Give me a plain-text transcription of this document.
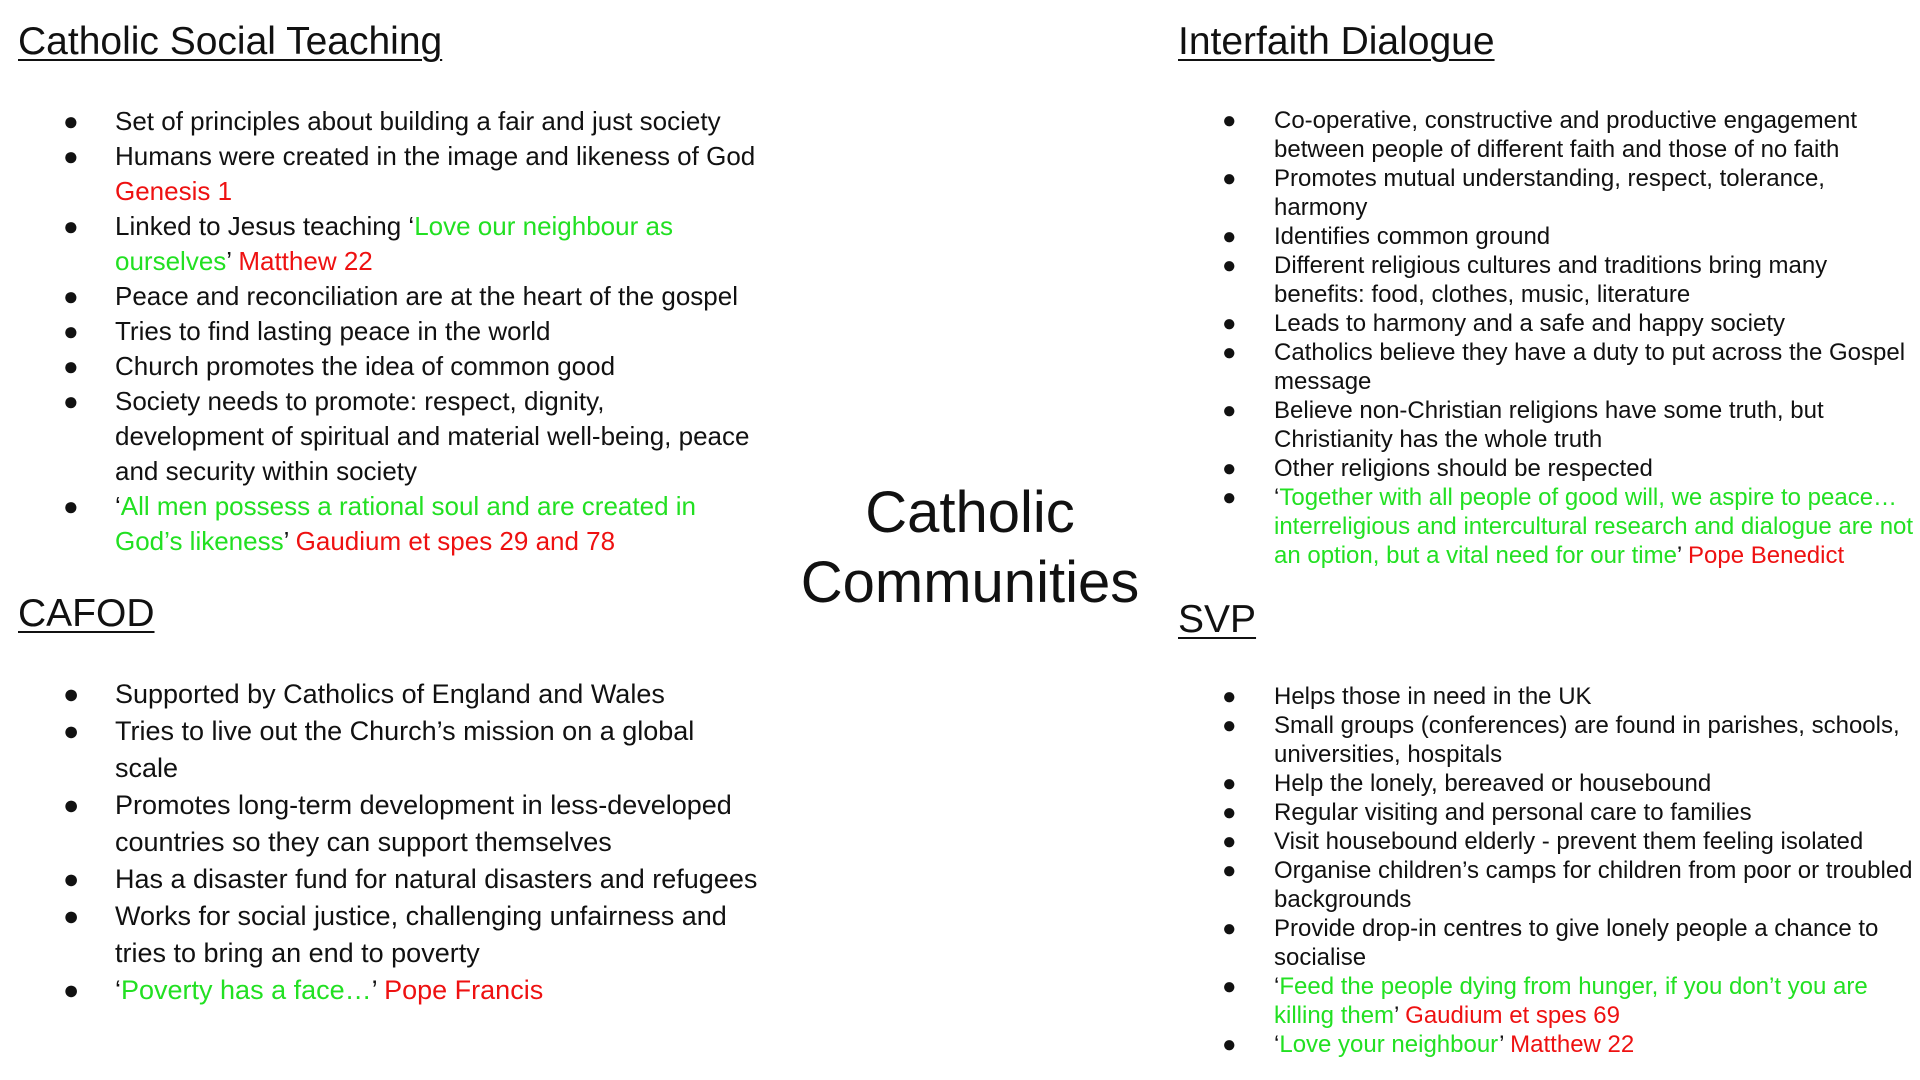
Catholic Social Teaching
● Set of principles about building a fair and just society
● Humans were created in the image and likeness of God
Genesis 1
● Linked to Jesus teaching ‘Love our neighbour as ourselves’ Matthew 22
● Peace and reconciliation are at the heart of the gospel
● Tries to find lasting peace in the world
● Church promotes the idea of common good
● Society needs to promote: respect, dignity, development of spiritual and material well-being, peace and security within society
● ‘All men possess a rational soul and are created in God’s likeness’ Gaudium et spes 29 and 78
CAFOD
● Supported by Catholics of England and Wales
● Tries to live out the Church’s mission on a global scale
● Promotes long-term development in less-developed countries so they can support themselves
● Has a disaster fund for natural disasters and refugees
● Works for social justice, challenging unfairness and tries to bring an end to poverty
● ‘Poverty has a face…’ Pope Francis
Catholic
Communities
Interfaith Dialogue
● Co-operative, constructive and productive engagement between people of different faith and those of no faith
● Promotes mutual understanding, respect, tolerance, harmony
● Identifies common ground
● Different religious cultures and traditions bring many benefits: food, clothes, music, literature
● Leads to harmony and a safe and happy society
● Catholics believe they have a duty to put across the Gospel message
● Believe non-Christian religions have some truth, but Christianity has the whole truth
● Other religions should be respected
● ‘Together with all people of good will, we aspire to peace… interreligious and intercultural research and dialogue are not an option, but a vital need for our time’ Pope Benedict
SVP
● Helps those in need in the UK
● Small groups (conferences) are found in parishes, schools, universities, hospitals
● Help the lonely, bereaved or housebound
● Regular visiting and personal care to families
● Visit housebound elderly - prevent them feeling isolated
● Organise children’s camps for children from poor or troubled backgrounds
● Provide drop-in centres to give lonely people a chance to socialise
● ‘Feed the people dying from hunger, if you don’t you are killing them’ Gaudium et spes 69
● ‘Love your neighbour’ Matthew 22
